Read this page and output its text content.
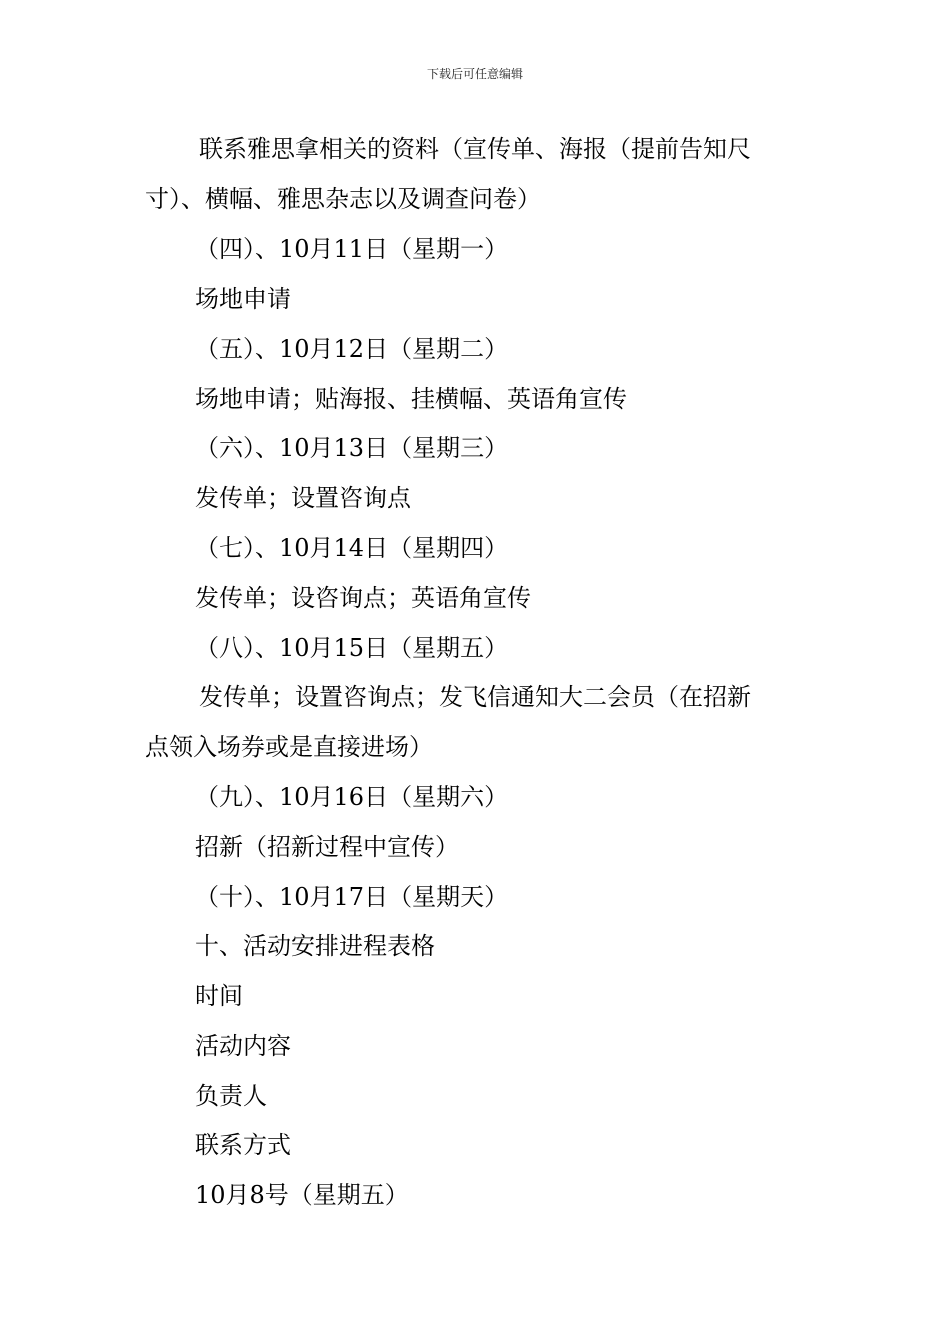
下载后可任意编辑
联系雅思拿相关的资料（宣传单、海报（提前告知尺
寸）、横幅、雅思杂志以及调查问卷）
（四）、10月11日（星期一）
场地申请
（五）、10月12日（星期二）
场地申请；贴海报、挂横幅、英语角宣传
（六）、10月13日（星期三）
发传单；设置咨询点
（七）、10月14日（星期四）
发传单；设咨询点；英语角宣传
（八）、10月15日（星期五）
发传单；设置咨询点；发飞信通知大二会员（在招新
点领入场券或是直接进场）
（九）、10月16日（星期六）
招新（招新过程中宣传）
（十）、10月17日（星期天）
十、活动安排进程表格
时间
活动内容
负责人
联系方式
10月8号（星期五）
